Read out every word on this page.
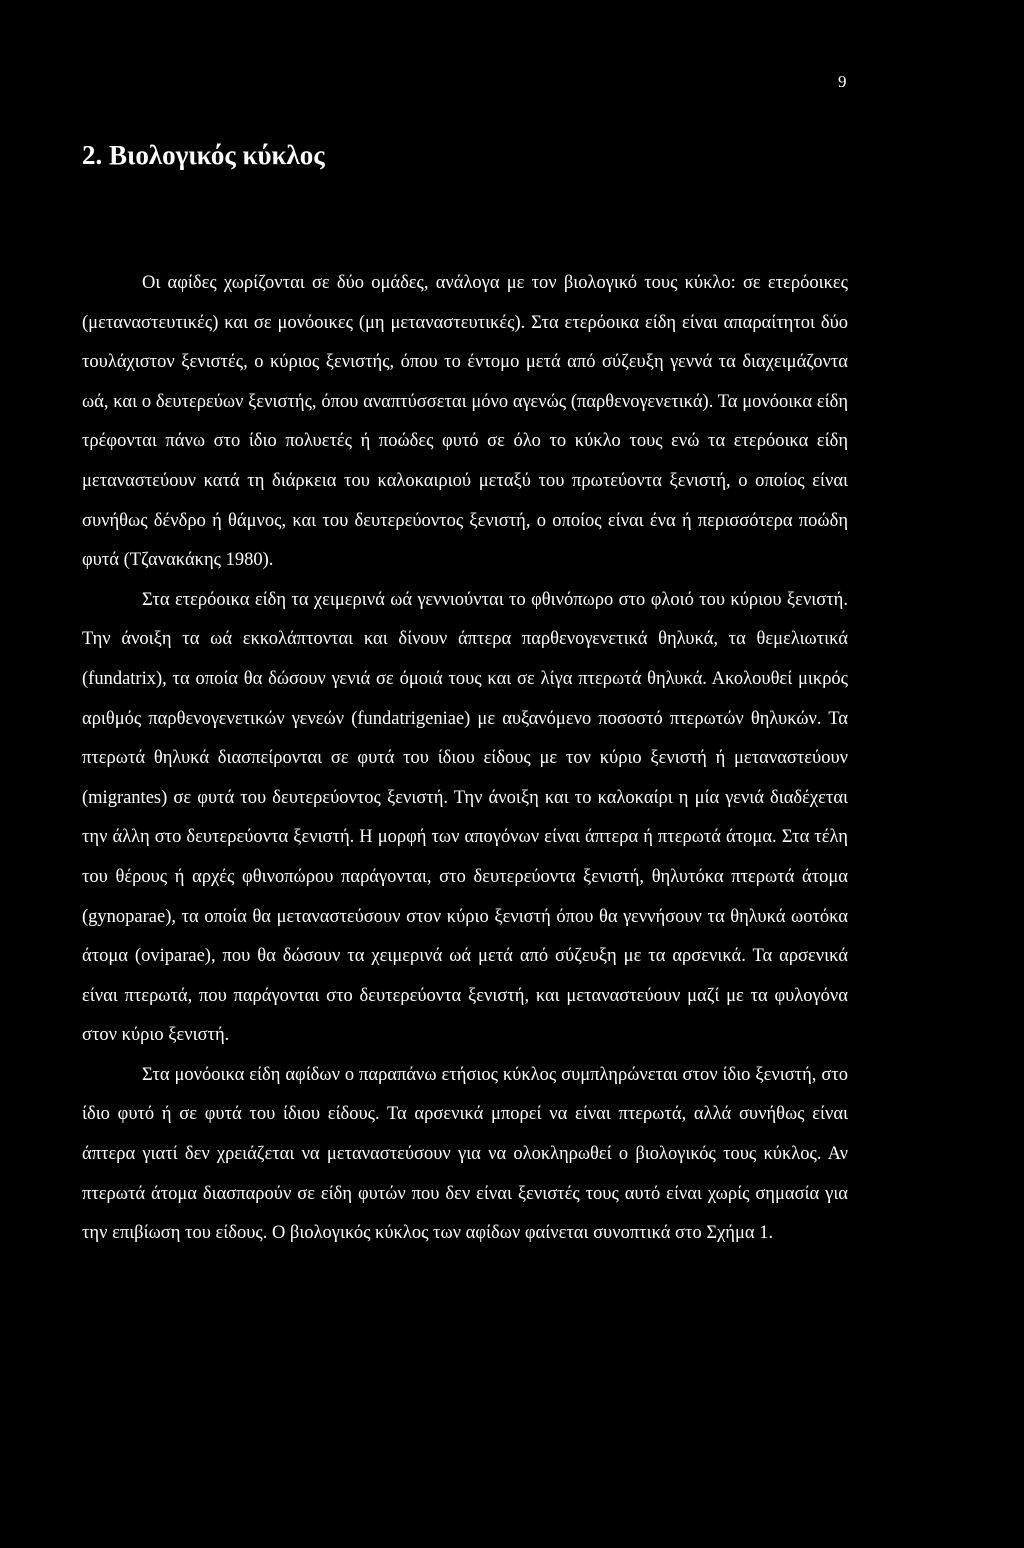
9
2. Βιολογικός κύκλος

Οι αφίδες χωρίζονται σε δύο ομάδες, ανάλογα με τον βιολογικό τους κύκλο: σε ετερόοικες (μεταναστευτικές) και σε μονόοικες (μη μεταναστευτικές). Στα ετερόοικα είδη είναι απαραίτητοι δύο τουλάχιστον ξενιστές, ο κύριος ξενιστής, όπου το έντομο μετά από σύζευξη γεννά τα διαχειμάζοντα ωά, και ο δευτερεύων ξενιστής, όπου αναπτύσσεται μόνο αγενώς (παρθενογενετικά). Τα μονόοικα είδη τρέφονται πάνω στο ίδιο πολυετές ή ποώδες φυτό σε όλο το κύκλο τους ενώ τα ετερόοικα είδη μεταναστεύουν κατά τη διάρκεια του καλοκαιριού μεταξύ του πρωτεύοντα ξενιστή, ο οποίος είναι συνήθως δένδρο ή θάμνος, και του δευτερεύοντος ξενιστή, ο οποίος είναι ένα ή περισσότερα ποώδη φυτά (Τζανακάκης 1980).

Στα ετερόοικα είδη τα χειμερινά ωά γεννιούνται το φθινόπωρο στο φλοιό του κύριου ξενιστή. Την άνοιξη τα ωά εκκολάπτονται και δίνουν άπτερα παρθενογενετικά θηλυκά, τα θεμελιωτικά (fundatrix), τα οποία θα δώσουν γενιά σε όμοιά τους και σε λίγα πτερωτά θηλυκά. Ακολουθεί μικρός αριθμός παρθενογενετικών γενεών (fundatrigeniae) με αυξανόμενο ποσοστό πτερωτών θηλυκών. Τα πτερωτά θηλυκά διασπείρονται σε φυτά του ίδιου είδους με τον κύριο ξενιστή ή μεταναστεύουν (migrantes) σε φυτά του δευτερεύοντος ξενιστή. Την άνοιξη και το καλοκαίρι η μία γενιά διαδέχεται την άλλη στο δευτερεύοντα ξενιστή. Η μορφή των απογόνων είναι άπτερα ή πτερωτά άτομα. Στα τέλη του θέρους ή αρχές φθινοπώρου παράγονται, στο δευτερεύοντα ξενιστή, θηλυτόκα πτερωτά άτομα (gynoparae), τα οποία θα μεταναστεύσουν στον κύριο ξενιστή όπου θα γεννήσουν τα θηλυκά ωοτόκα άτομα (oviparae), που θα δώσουν τα χειμερινά ωά μετά από σύζευξη με τα αρσενικά. Τα αρσενικά είναι πτερωτά, που παράγονται στο δευτερεύοντα ξενιστή, και μεταναστεύουν μαζί με τα φυλογόνα στον κύριο ξενιστή.

Στα μονόοικα είδη αφίδων ο παραπάνω ετήσιος κύκλος συμπληρώνεται στον ίδιο ξενιστή, στο ίδιο φυτό ή σε φυτά του ίδιου είδους. Τα αρσενικά μπορεί να είναι πτερωτά, αλλά συνήθως είναι άπτερα γιατί δεν χρειάζεται να μεταναστεύσουν για να ολοκληρωθεί ο βιολογικός τους κύκλος. Αν πτερωτά άτομα διασπαρούν σε είδη φυτών που δεν είναι ξενιστές τους αυτό είναι χωρίς σημασία για την επιβίωση του είδους. Ο βιολογικός κύκλος των αφίδων φαίνεται συνοπτικά στο Σχήμα 1.
